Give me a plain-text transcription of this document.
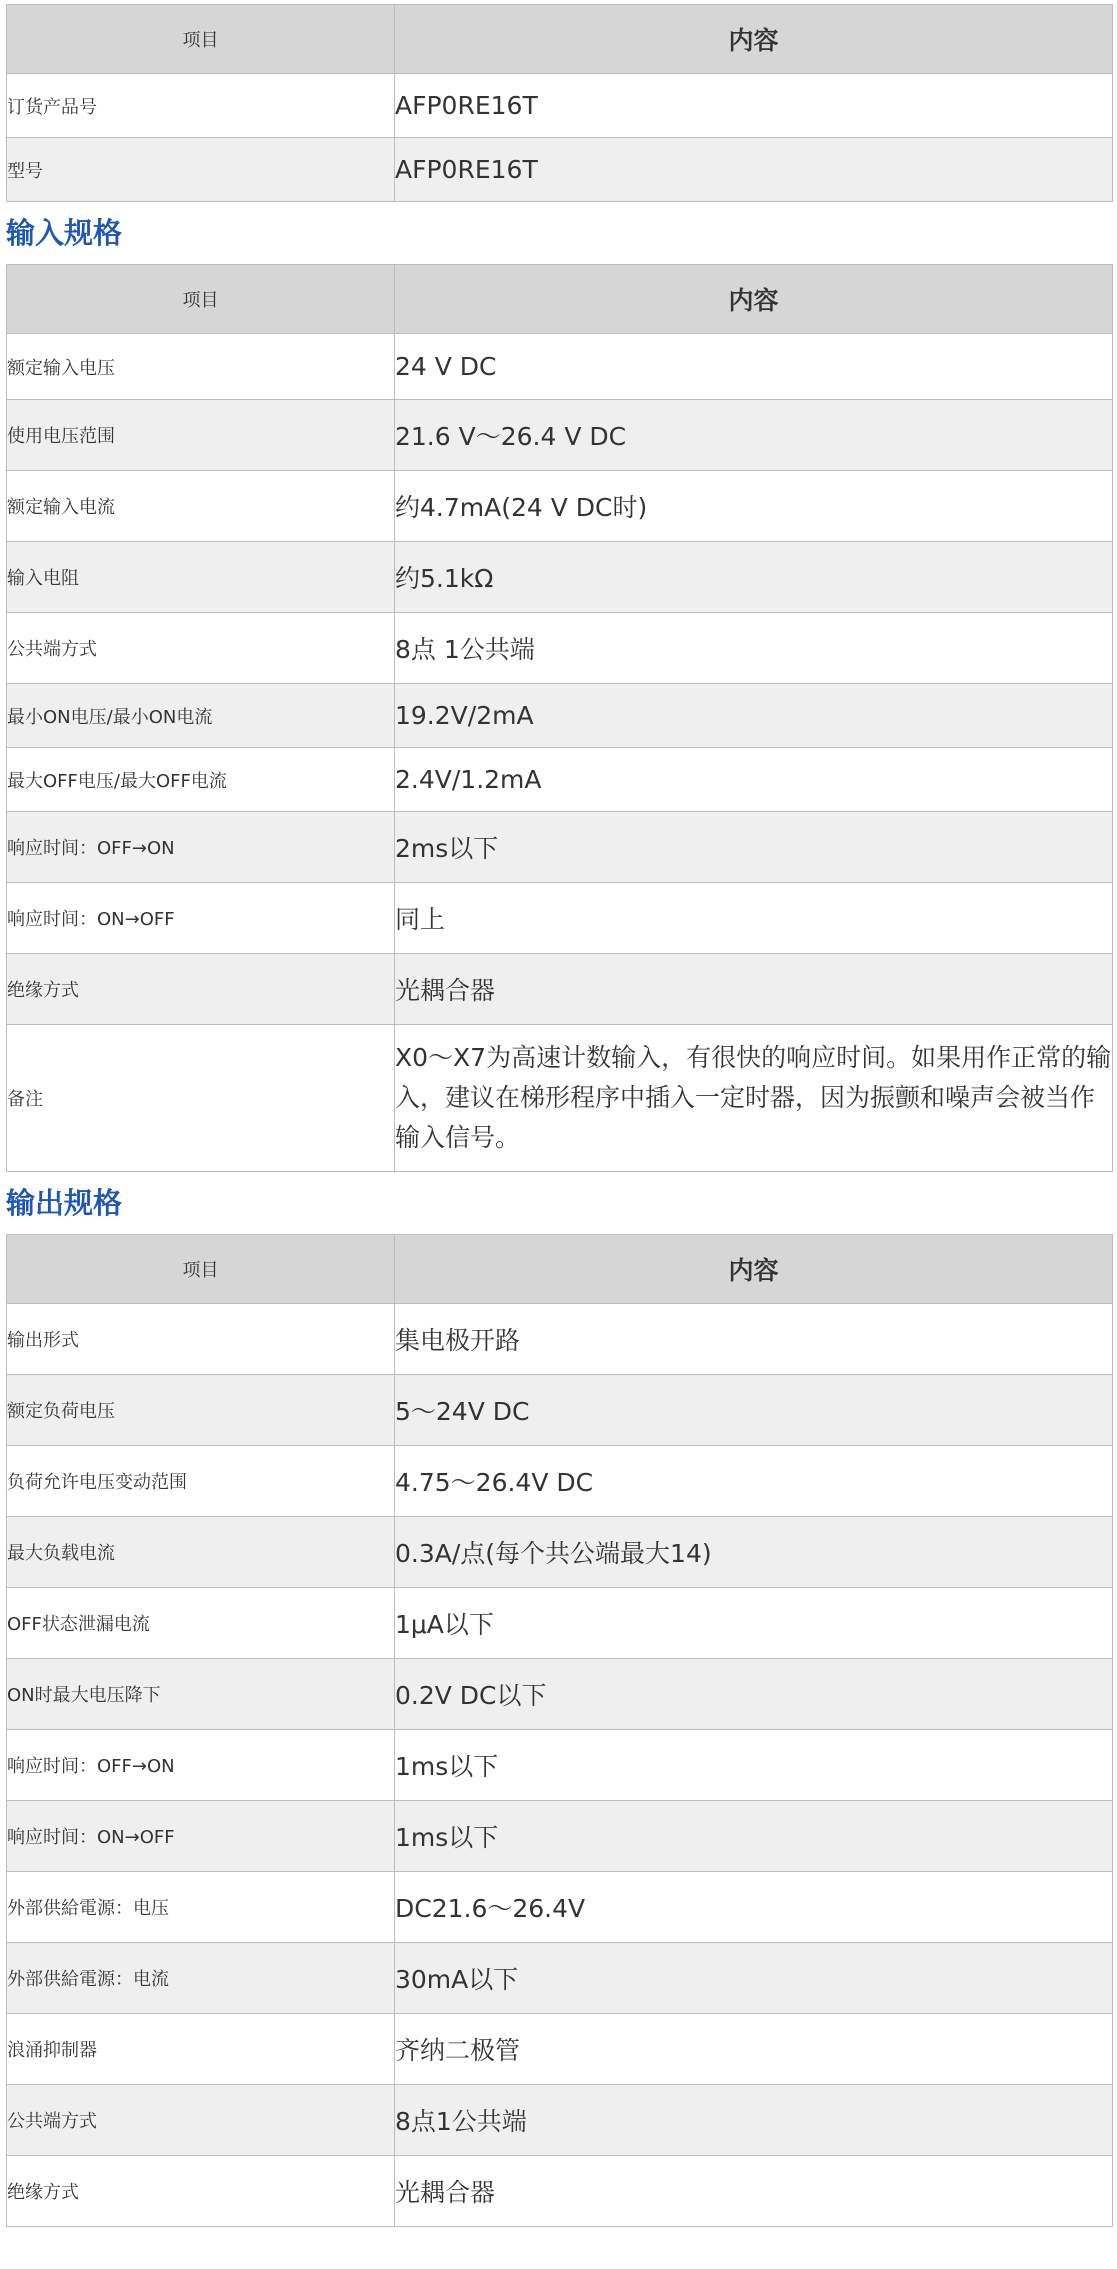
项目	内容
订货产品号	AFP0RE16T
型号	AFP0RE16T
输入规格
项目	内容
额定输入电压	24 V DC
使用电压范围	21.6 V～26.4 V DC
额定输入电流	约4.7mA(24 V DC时)
输入电阻	约5.1kΩ
公共端方式	8点 1公共端
最小ON电压/最小ON电流	19.2V/2mA
最大OFF电压/最大OFF电流	2.4V/1.2mA
响应时间：OFF→ON	2ms以下
响应时间：ON→OFF	同上
绝缘方式	光耦合器
备注	X0～X7为高速计数输入，有很快的响应时间。如果用作正常的输入，建议在梯形程序中插入一定时器，因为振颤和噪声会被当作输入信号。
输出规格
项目	内容
输出形式	集电极开路
额定负荷电压	5～24V DC
负荷允许电压变动范围	4.75～26.4V DC
最大负载电流	0.3A/点(每个共公端最大14)
OFF状态泄漏电流	1μA以下
ON时最大电压降下	0.2V DC以下
响应时间：OFF→ON	1ms以下
响应时间：ON→OFF	1ms以下
外部供給電源：电压	DC21.6～26.4V
外部供給電源：电流	30mA以下
浪涌抑制器	齐纳二极管
公共端方式	8点1公共端
绝缘方式	光耦合器
